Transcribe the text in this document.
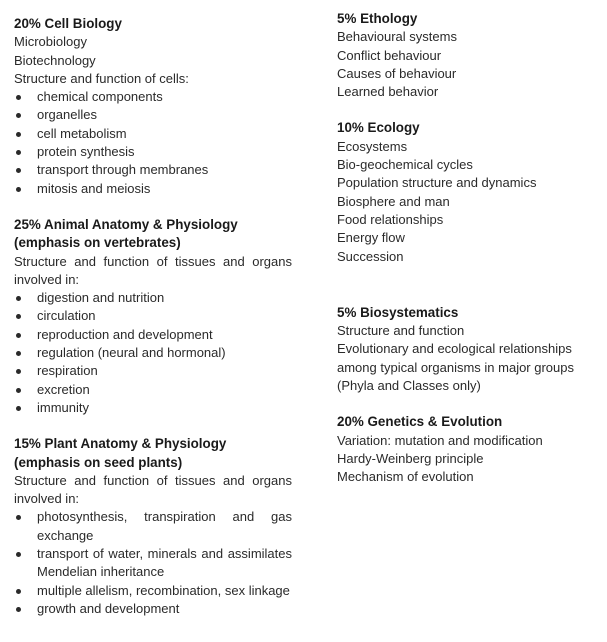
20% Cell Biology

Microbiology

Biotechnology

Structure and function of cells:

chemical components
organelles
cell metabolism
protein synthesis
transport through membranes
mitosis and meiosis

25% Animal Anatomy & Physiology

(emphasis on vertebrates)

Structure and function of tissues and organs involved in:

digestion and nutrition
circulation
reproduction and development
regulation (neural and hormonal)
respiration
excretion
immunity

15% Plant Anatomy & Physiology

(emphasis on seed plants)

Structure and function of tissues and organs involved in:

photosynthesis, transpiration and gas exchange
transport of water, minerals and assimilates Mendelian inheritance
multiple allelism, recombination, sex linkage
growth and development

5% Ethology

Behavioural systems

Conflict behaviour

Causes of behaviour

Learned behavior

10% Ecology

Ecosystems

Bio-geochemical cycles

Population structure and dynamics

Biosphere and man

Food relationships

Energy flow

Succession

5% Biosystematics

Structure and function

Evolutionary and ecological relationships

among typical organisms in major groups

(Phyla and Classes only)

20% Genetics & Evolution

Variation: mutation and modification

Hardy-Weinberg principle

Mechanism of evolution
